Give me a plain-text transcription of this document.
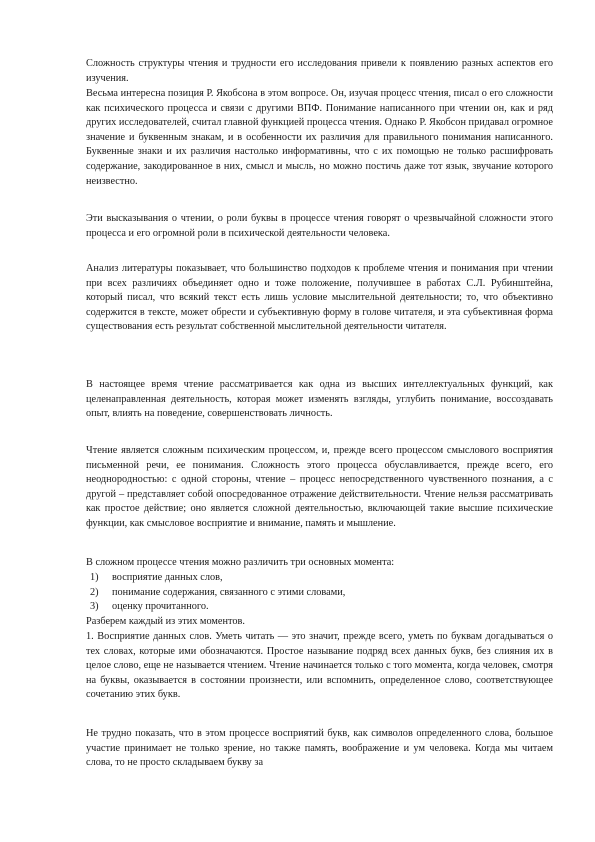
Сложность структуры чтения и трудности его исследования привели к появлению разных аспектов его изучения.

Весьма интересна позиция Р. Якобсона в этом вопросе. Он, изучая процесс чтения, писал о его сложности как психического процесса и связи с другими ВПФ. Понимание написанного при чтении он, как и ряд других исследователей, считал главной функцией процесса чтения. Однако Р. Якобсон придавал огромное значение и буквенным знакам, и в особенности их различия для правильного понимания написанного. Буквенные знаки и их различия настолько информативны, что с их помощью не только расшифровать содержание, закодированное в них, смысл и мысль, но можно постичь даже тот язык, звучание которого неизвестно.

Эти высказывания о чтении, о роли буквы в процессе чтения говорят о чрезвычайной сложности этого процесса и его огромной роли в психической деятельности человека.

Анализ литературы показывает, что большинство подходов к проблеме чтения и понимания при чтении при всех различиях объединяет одно и тоже положение, получившее в работах С.Л. Рубинштейна, который писал, что всякий текст есть лишь условие мыслительной деятельности; то, что объективно содержится в тексте, может обрести и субъективную форму в голове читателя, и эта субъективная форма существования есть результат собственной мыслительной деятельности читателя.

В настоящее время чтение рассматривается как одна из высших интеллектуальных функций, как целенаправленная деятельность, которая может изменять взгляды, углубить понимание, воссоздавать опыт, влиять на поведение, совершенствовать личность.

Чтение является сложным психическим процессом, и, прежде всего процессом смыслового восприятия письменной речи, ее понимания. Сложность этого процесса обуславливается, прежде всего, его неоднородностью: с одной стороны, чтение – процесс непосредственного чувственного познания, а с другой – представляет собой опосредованное отражение действительности. Чтение нельзя рассматривать как простое действие; оно является сложной деятельностью, включающей такие высшие психические функции, как смысловое восприятие и внимание, память и мышление.

В сложном процессе чтения можно различить три основных момента:

1) восприятие данных слов,
2) понимание содержания, связанного с этими словами,
3) оценку прочитанного.

Разберем каждый из этих моментов.

1. Восприятие данных слов. Уметь читать — это значит, прежде всего, уметь по буквам догадываться о тех словах, которые ими обозначаются. Простое называние подряд всех данных букв, без слияния их в целое слово, еще не называется чтением. Чтение начинается только с того момента, когда человек, смотря на буквы, оказывается в состоянии произнести, или вспомнить, определенное слово, соответствующее сочетанию этих букв.

Не трудно показать, что в этом процессе восприятий букв, как символов определенного слова, большое участие принимает не только зрение, но также память, воображение и ум человека. Когда мы читаем слова, то не просто складываем букву за
